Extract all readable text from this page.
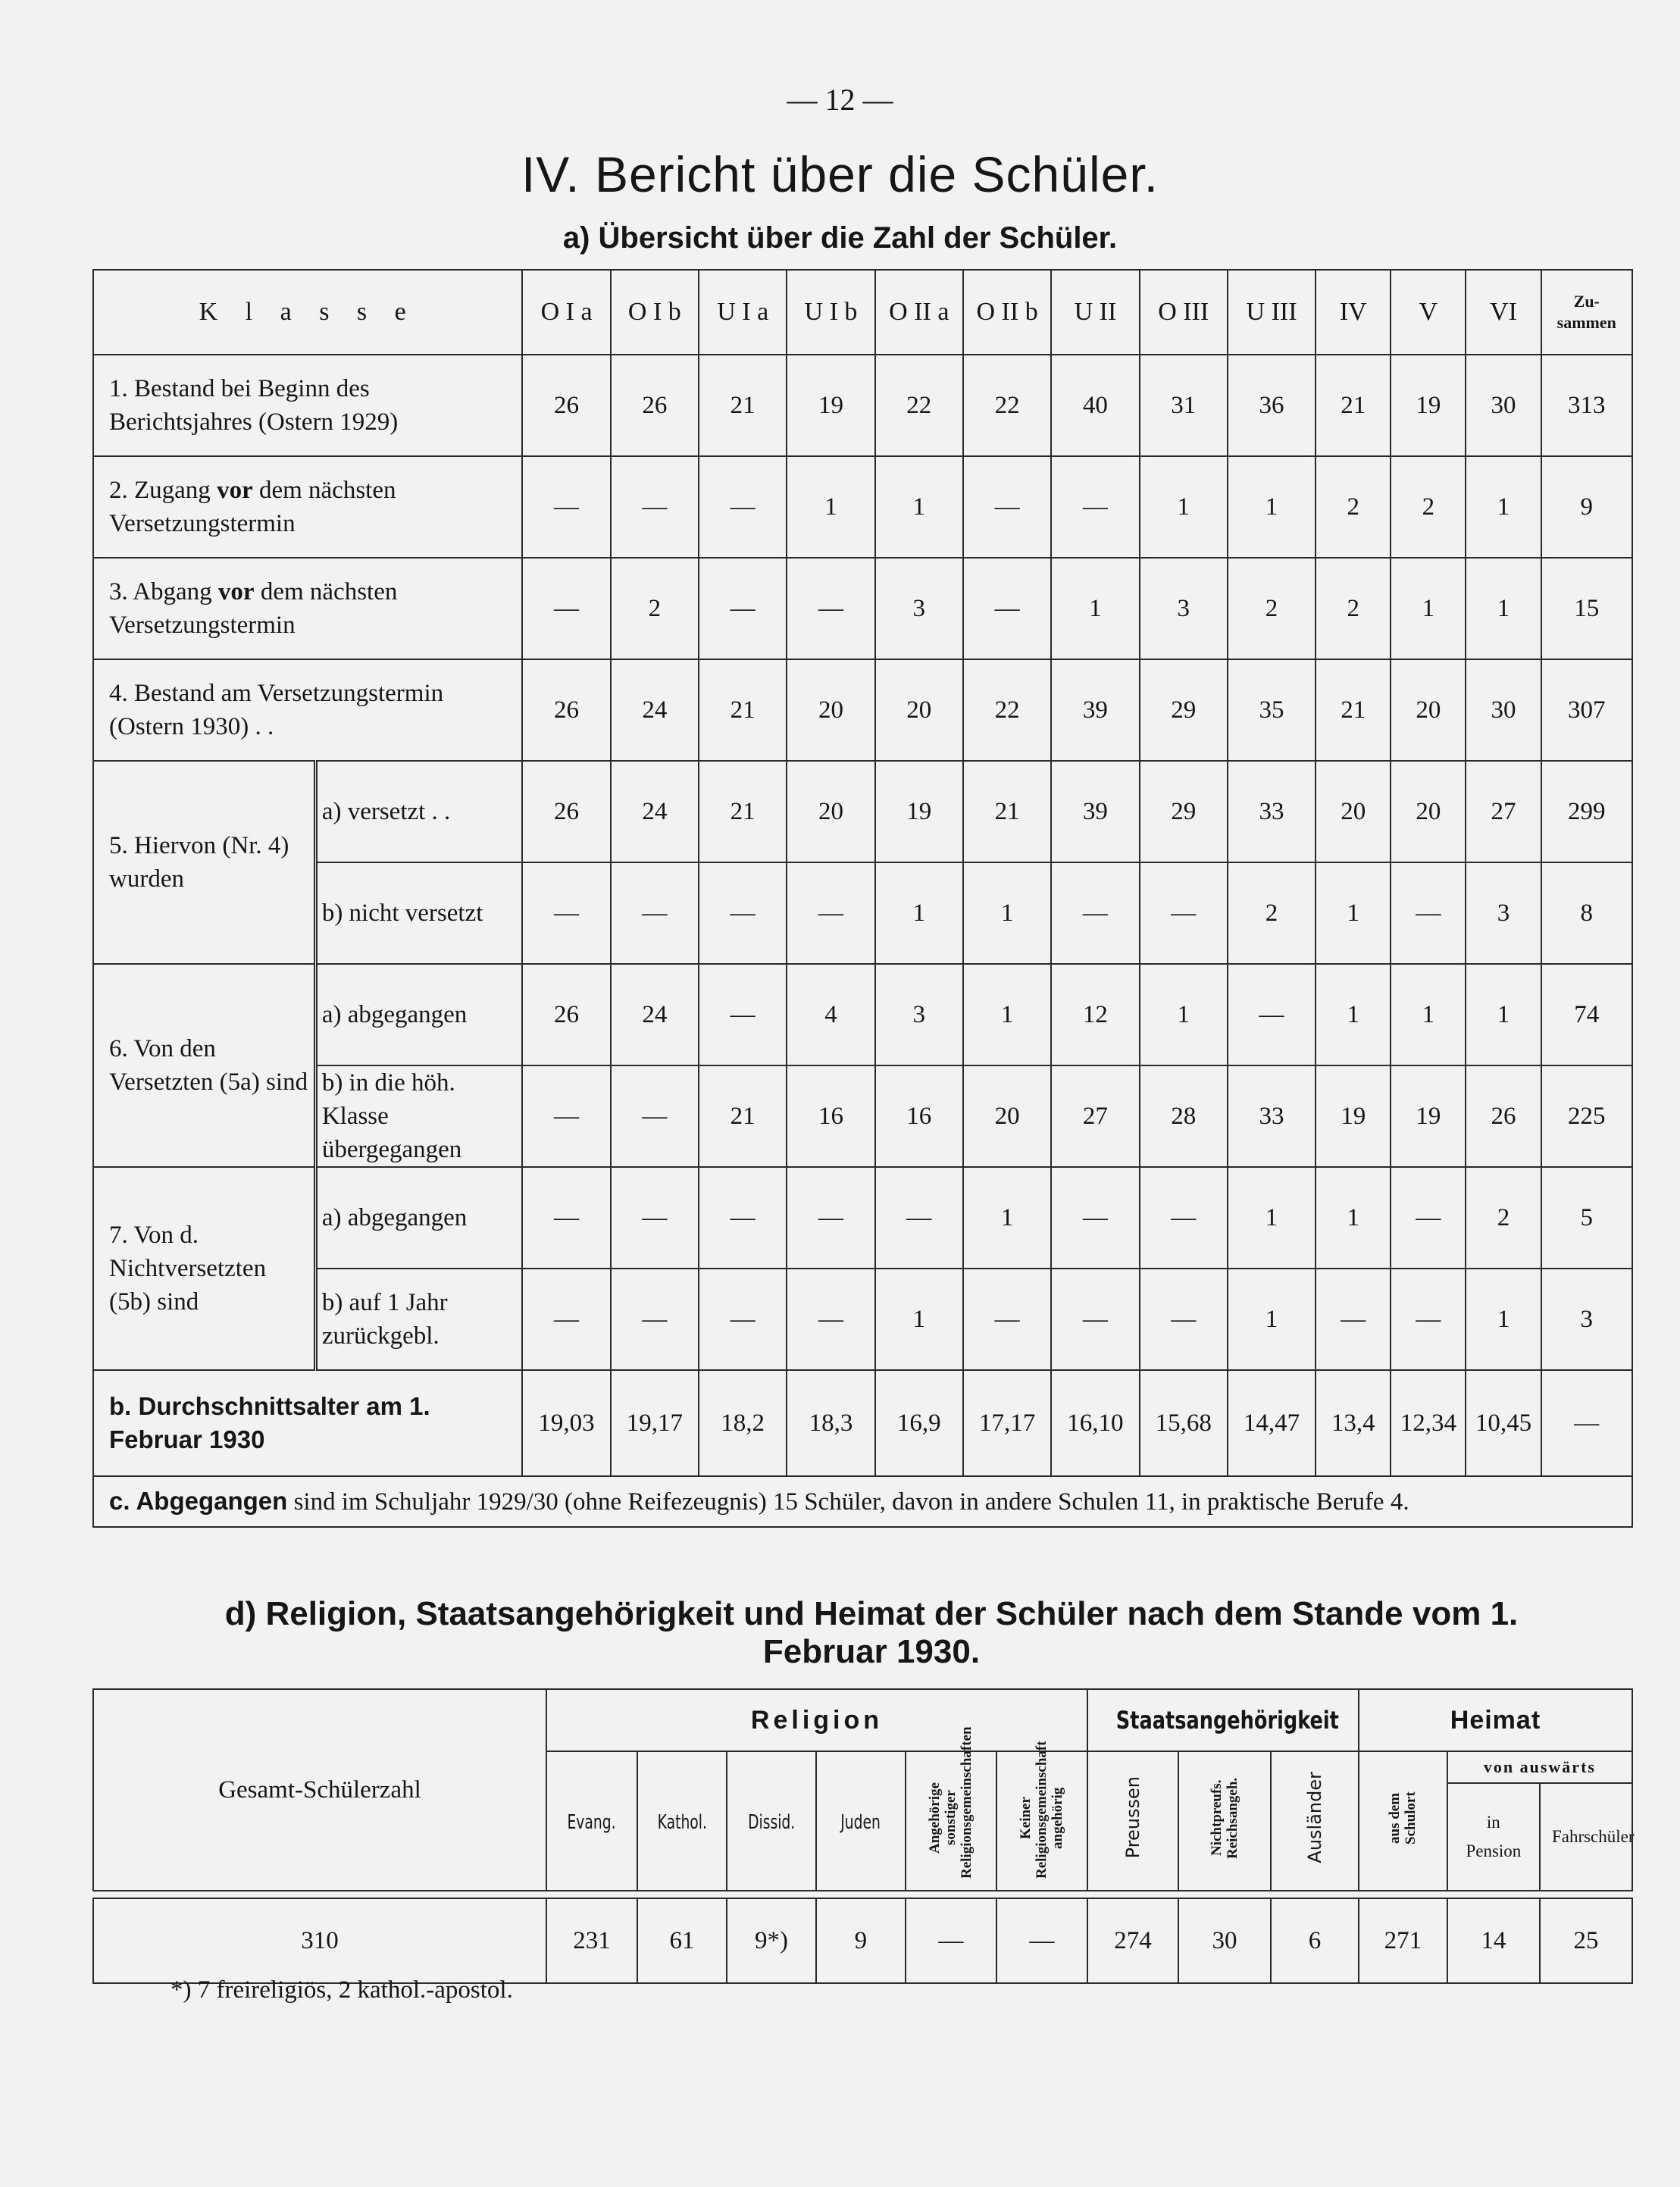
— 12 —
IV. Bericht über die Schüler.
a) Übersicht über die Zahl der Schüler.
K l a s s e		O I a	O I b	U I a	U I b	O II a	O II b	U II	O III	U III	IV	V	VI	Zu-sammen

1. Bestand bei Beginn des Berichtsjahres (Ostern 1929)		26	26	21	19	22	22	40	31	36	21	19	30	313
2. Zugang vor dem nächsten Versetzungstermin		—	—	—	1	1	—	—	1	1	2	2	1	9
3. Abgang vor dem nächsten Versetzungstermin		—	2	—	—	3	—	1	3	2	2	1	1	15
4. Bestand am Versetzungstermin (Ostern 1930) . .		26	24	21	20	20	22	39	29	35	21	20	30	307
5. Hiervon (Nr. 4) wurden	a) versetzt . .	26	24	21	20	19	21	39	29	33	20	20	27	299
	b) nicht versetzt	—	—	—	—	1	1	—	—	2	1	—	3	8
6. Von den Versetzten (5a) sind	a) abgegangen	26	24	—	4	3	1	12	1	—	1	1	1	74
	b) in die höh. Klasse übergegangen	—	—	21	16	16	20	27	28	33	19	19	26	225
7. Von d. Nichtversetzten (5b) sind	a) abgegangen	—	—	—	—	—	1	—	—	1	1	—	2	5
	b) auf 1 Jahr zurückgebl.	—	—	—	—	1	—	—	—	1	—	—	1	3
b. Durchschnittsalter am 1. Februar 1930		19,03	19,17	18,2	18,3	16,9	17,17	16,10	15,68	14,47	13,4	12,34	10,45	—
c. Abgegangen sind im Schuljahr 1929/30 (ohne Reifezeugnis) 15 Schüler, davon in andere Schulen 11, in praktische Berufe 4.														
d) Religion, Staatsangehörigkeit und Heimat der Schüler nach dem Stande vom 1. Februar 1930.
Gesamt-Schülerzahl	Religion						Staatsangehörigkeit			Heimat		
	Evang.	Kathol.	Dissid.	Juden	Angehörige sonstiger Religionsgemeinschaften	Keiner Religionsgemeinschaft angehörig	Preussen	Nichtpreufs. Reichsangeh.	Ausländer	aus dem Schulort	von auswärts	

											in Pension	Fahrschüler

310	231	61	9*)	9	—	—	274	30	6	271	14	25
*) 7 freireligiös, 2 kathol.-apostol.
